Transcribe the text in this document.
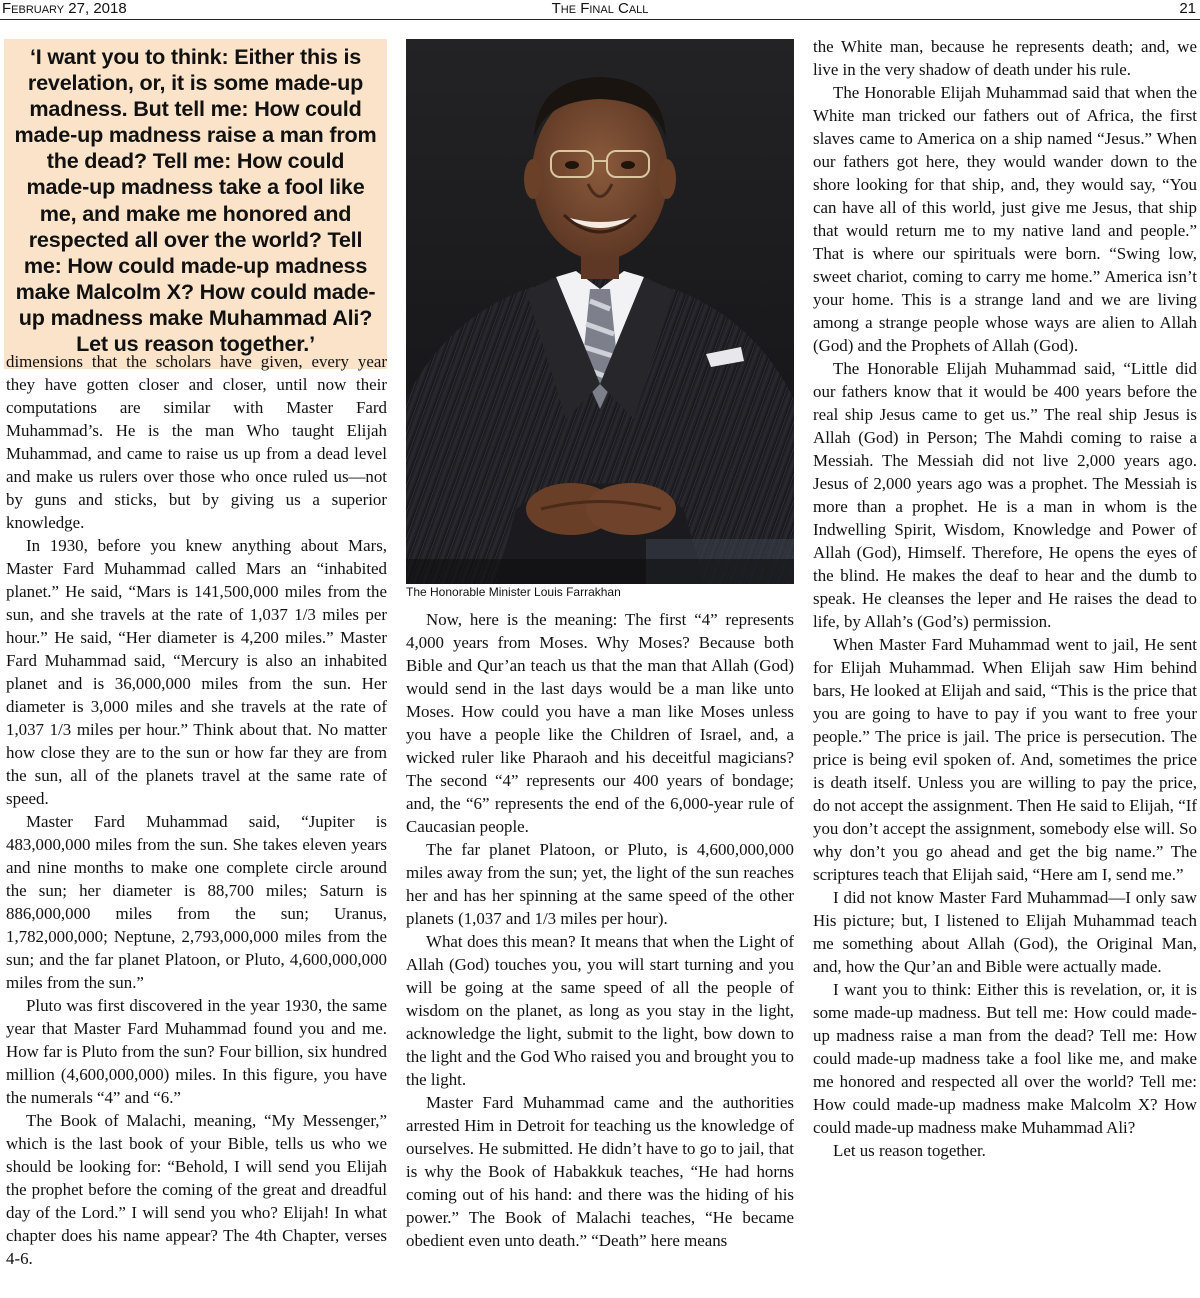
February 27, 2018	The Final Call	21
‘I want you to think: Either this is revelation, or, it is some made-up madness. But tell me: How could made-up madness raise a man from the dead? Tell me: How could made-up madness take a fool like me, and make me honored and respected all over the world? Tell me: How could made-up madness make Malcolm X? How could made-up madness make Muhammad Ali? Let us reason together.’
The Honorable Minister Louis Farrakhan

dimensions that the scholars have given, every year they have gotten closer and closer, until now their computations are similar with Master Fard Muhammad’s. He is the man Who taught Elijah Muhammad, and came to raise us up from a dead level and make us rulers over those who once ruled us—not by guns and sticks, but by giving us a superior knowledge.

In 1930, before you knew anything about Mars, Master Fard Muhammad called Mars an “inhabited planet.” He said, “Mars is 141,500,000 miles from the sun, and she travels at the rate of 1,037 1/3 miles per hour.” He said, “Her diameter is 4,200 miles.” Master Fard Muhammad said, “Mercury is also an inhabited planet and is 36,000,000 miles from the sun. Her diameter is 3,000 miles and she travels at the rate of 1,037 1/3 miles per hour.” Think about that. No matter how close they are to the sun or how far they are from the sun, all of the planets travel at the same rate of speed.

Master Fard Muhammad said, “Jupiter is 483,000,000 miles from the sun. She takes eleven years and nine months to make one complete circle around the sun; her diameter is 88,700 miles; Saturn is 886,000,000 miles from the sun; Uranus, 1,782,000,000; Neptune, 2,793,000,000 miles from the sun; and the far planet Platoon, or Pluto, 4,600,000,000 miles from the sun.”

Pluto was first discovered in the year 1930, the same year that Master Fard Muhammad found you and me. How far is Pluto from the sun? Four billion, six hundred million (4,600,000,000) miles. In this figure, you have the numerals “4” and “6.”

The Book of Malachi, meaning, “My Messenger,” which is the last book of your Bible, tells us who we should be looking for: “Behold, I will send you Elijah the prophet before the coming of the great and dreadful day of the Lord.” I will send you who? Elijah! In what chapter does his name appear? The 4th Chapter, verses 4-6.

Now, here is the meaning: The first “4” represents 4,000 years from Moses. Why Moses? Because both Bible and Qur’an teach us that the man that Allah (God) would send in the last days would be a man like unto Moses. How could you have a man like Moses unless you have a people like the Children of Israel, and, a wicked ruler like Pharaoh and his deceitful magicians? The second “4” represents our 400 years of bondage; and, the “6” represents the end of the 6,000-year rule of Caucasian people.

The far planet Platoon, or Pluto, is 4,600,000,000 miles away from the sun; yet, the light of the sun reaches her and has her spinning at the same speed of the other planets (1,037 and 1/3 miles per hour).

What does this mean? It means that when the Light of Allah (God) touches you, you will start turning and you will be going at the same speed of all the people of wisdom on the planet, as long as you stay in the light, acknowledge the light, submit to the light, bow down to the light and the God Who raised you and brought you to the light.

Master Fard Muhammad came and the authorities arrested Him in Detroit for teaching us the knowledge of ourselves. He submitted. He didn’t have to go to jail, that is why the Book of Habakkuk teaches, “He had horns coming out of his hand: and there was the hiding of his power.” The Book of Malachi teaches, “He became obedient even unto death.” “Death” here means

the White man, because he represents death; and, we live in the very shadow of death under his rule.

The Honorable Elijah Muhammad said that when the White man tricked our fathers out of Africa, the first slaves came to America on a ship named “Jesus.” When our fathers got here, they would wander down to the shore looking for that ship, and, they would say, “You can have all of this world, just give me Jesus, that ship that would return me to my native land and people.” That is where our spirituals were born. “Swing low, sweet chariot, coming to carry me home.” America isn’t your home. This is a strange land and we are living among a strange people whose ways are alien to Allah (God) and the Prophets of Allah (God).

The Honorable Elijah Muhammad said, “Little did our fathers know that it would be 400 years before the real ship Jesus came to get us.” The real ship Jesus is Allah (God) in Person; The Mahdi coming to raise a Messiah. The Messiah did not live 2,000 years ago. Jesus of 2,000 years ago was a prophet. The Messiah is more than a prophet. He is a man in whom is the Indwelling Spirit, Wisdom, Knowledge and Power of Allah (God), Himself. Therefore, He opens the eyes of the blind. He makes the deaf to hear and the dumb to speak. He cleanses the leper and He raises the dead to life, by Allah’s (God’s) permission.

When Master Fard Muhammad went to jail, He sent for Elijah Muhammad. When Elijah saw Him behind bars, He looked at Elijah and said, “This is the price that you are going to have to pay if you want to free your people.” The price is jail. The price is persecution. The price is being evil spoken of. And, sometimes the price is death itself. Unless you are willing to pay the price, do not accept the assignment. Then He said to Elijah, “If you don’t accept the assignment, somebody else will. So why don’t you go ahead and get the big name.” The scriptures teach that Elijah said, “Here am I, send me.”

I did not know Master Fard Muhammad—I only saw His picture; but, I listened to Elijah Muhammad teach me something about Allah (God), the Original Man, and, how the Qur’an and Bible were actually made.

I want you to think: Either this is revelation, or, it is some made-up madness. But tell me: How could made-up madness raise a man from the dead? Tell me: How could made-up madness take a fool like me, and make me honored and respected all over the world? Tell me: How could made-up madness make Malcolm X? How could made-up madness make Muhammad Ali?

Let us reason together.
